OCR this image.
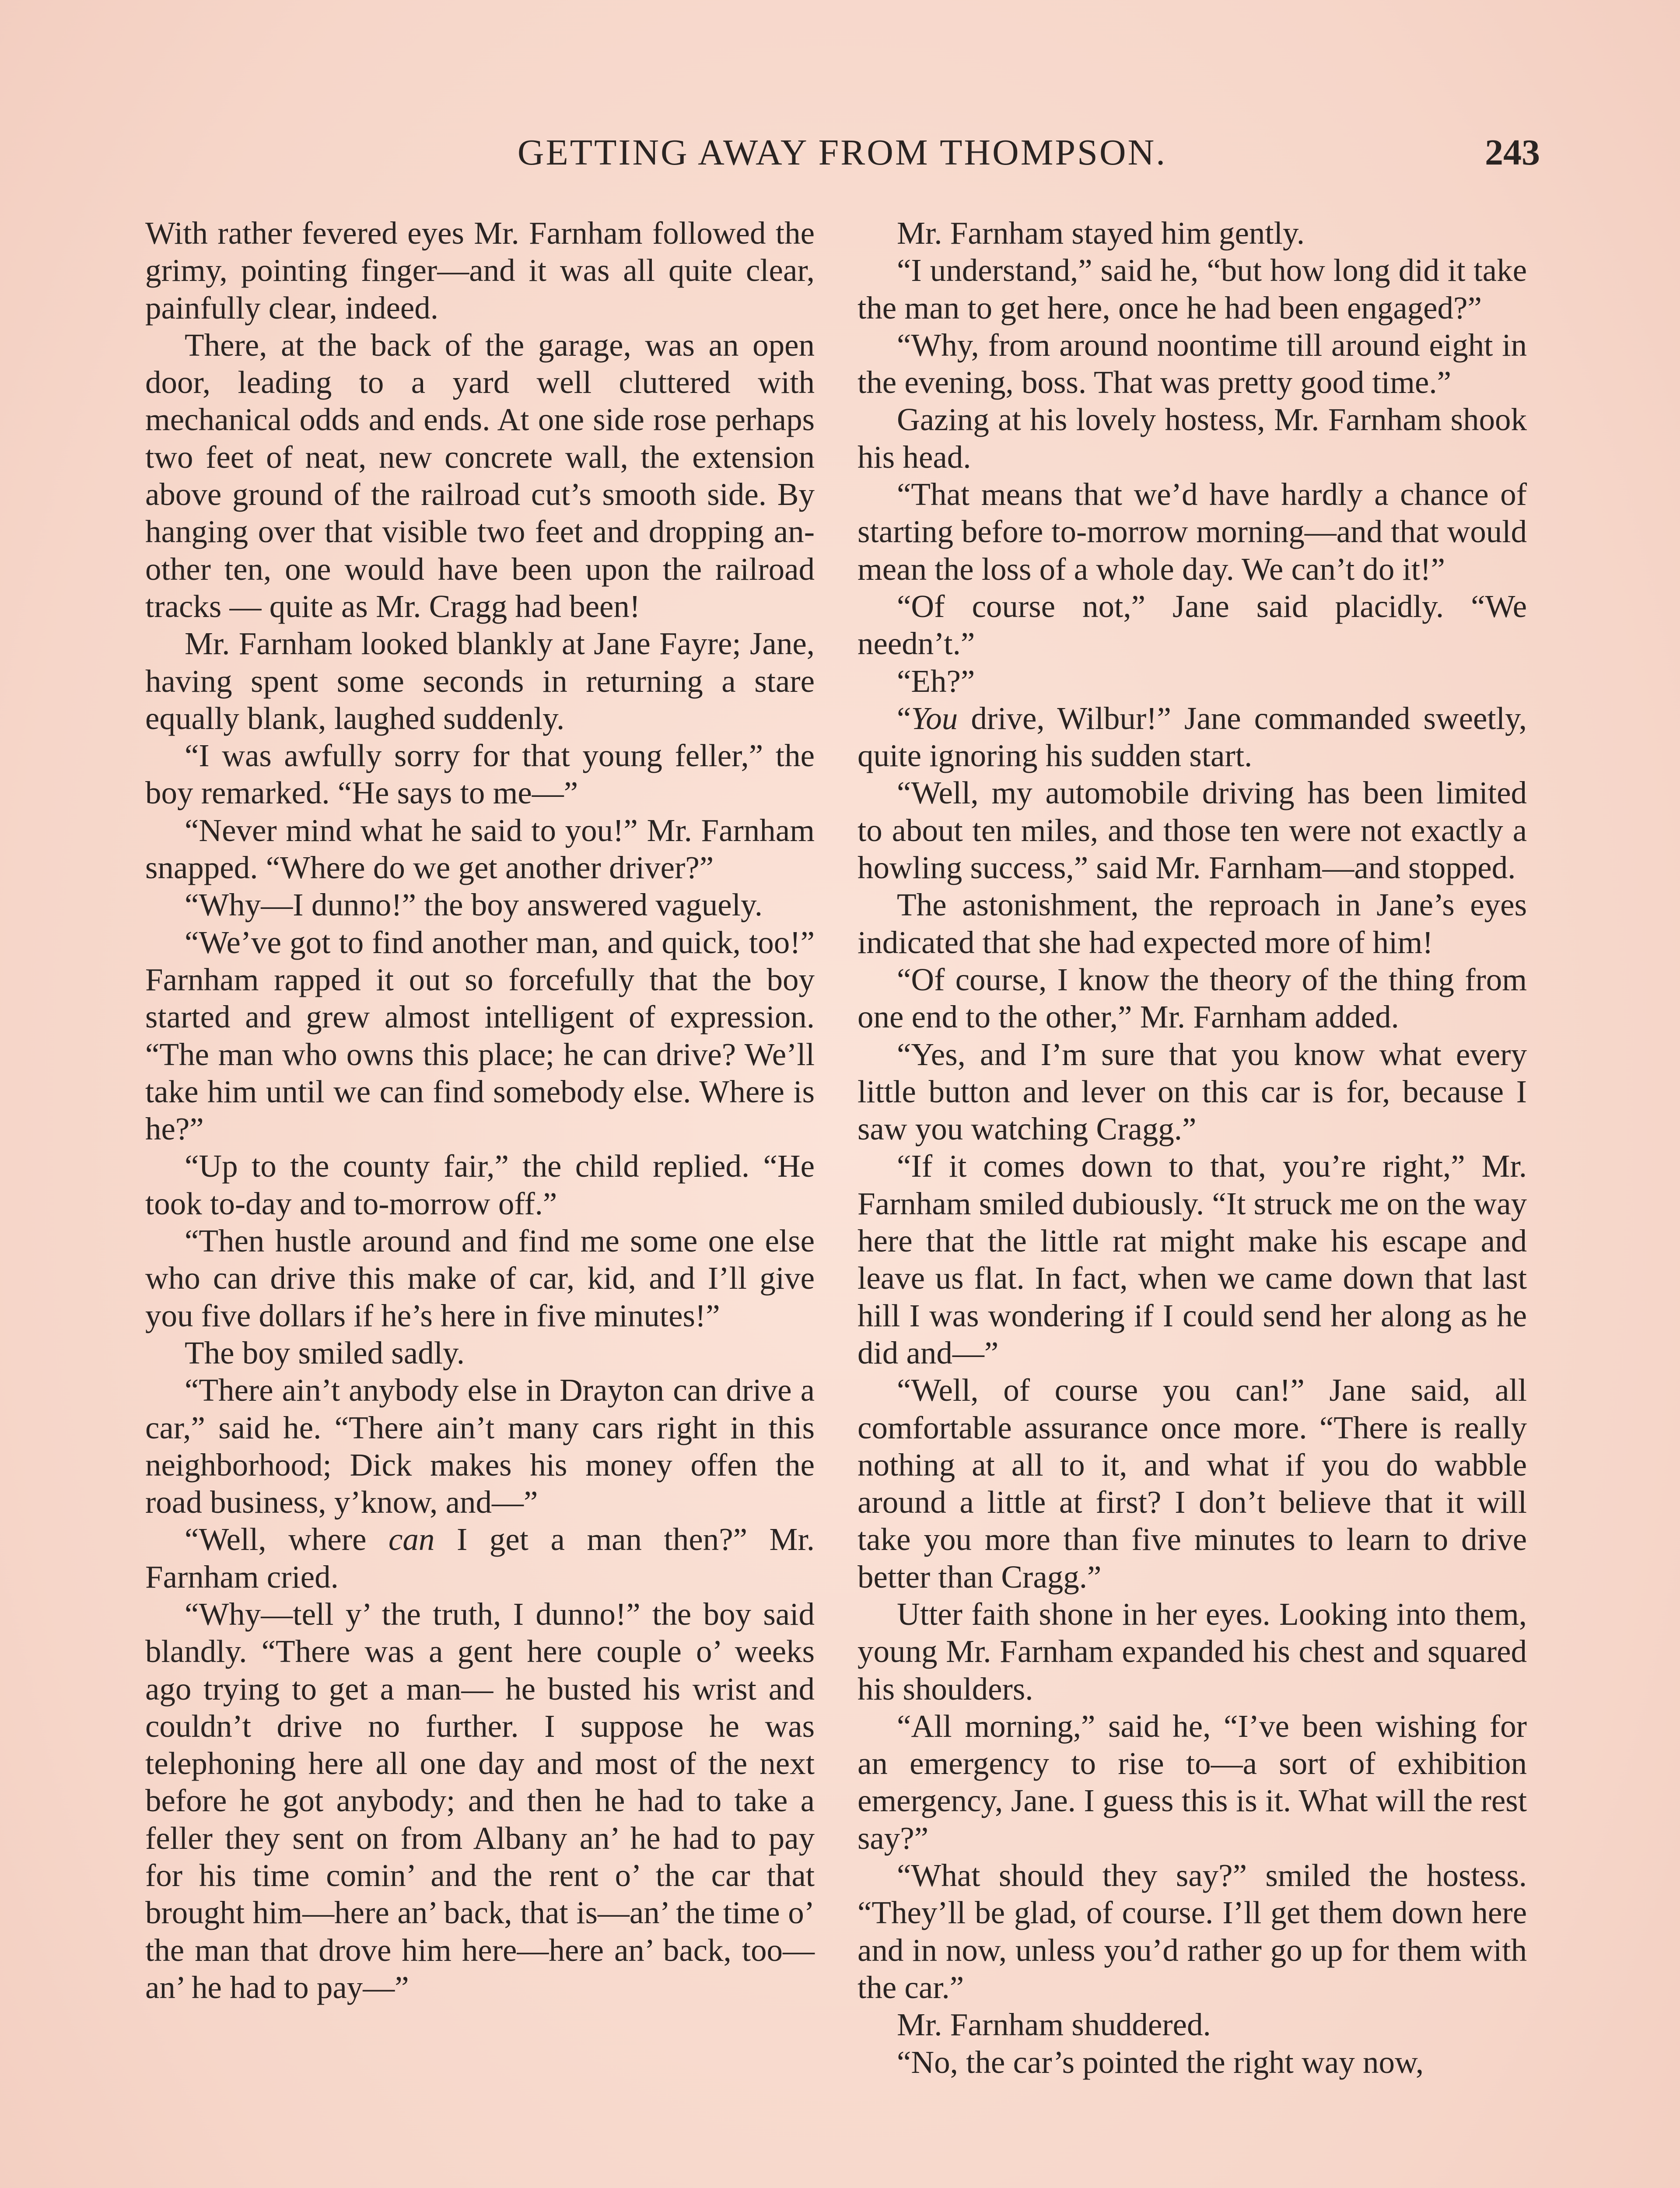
GETTING AWAY FROM THOMPSON.	243

With rather fevered eyes Mr. Farnham followed the grimy, pointing finger—and it was all quite clear, painfully clear, indeed.

There, at the back of the garage, was an open door, leading to a yard well cluttered with mechanical odds and ends. At one side rose perhaps two feet of neat, new concrete wall, the extension above ground of the railroad cut’s smooth side. By hanging over that visible two feet and dropping another ten, one would have been upon the railroad tracks — quite as Mr. Cragg had been!

Mr. Farnham looked blankly at Jane Fayre; Jane, having spent some seconds in returning a stare equally blank, laughed suddenly.

“I was awfully sorry for that young feller,” the boy remarked. “He says to me—”

“Never mind what he said to you!” Mr. Farnham snapped. “Where do we get another driver?”

“Why—I dunno!” the boy answered vaguely.

“We’ve got to find another man, and quick, too!” Farnham rapped it out so forcefully that the boy started and grew almost intelligent of expression. “The man who owns this place; he can drive? We’ll take him until we can find somebody else. Where is he?”

“Up to the county fair,” the child replied. “He took to-day and to-morrow off.”

“Then hustle around and find me some one else who can drive this make of car, kid, and I’ll give you five dollars if he’s here in five minutes!”

The boy smiled sadly.

“There ain’t anybody else in Drayton can drive a car,” said he. “There ain’t many cars right in this neighborhood; Dick makes his money offen the road business, y’know, and—”

“Well, where can I get a man then?” Mr. Farnham cried.

“Why—tell y’ the truth, I dunno!” the boy said blandly. “There was a gent here couple o’ weeks ago trying to get a man— he busted his wrist and couldn’t drive no further. I suppose he was telephoning here all one day and most of the next before he got anybody; and then he had to take a feller they sent on from Albany an’ he had to pay for his time comin’ and the rent o’ the car that brought him—here an’ back, that is—an’ the time o’ the man that drove him here—here an’ back, too—an’ he had to pay—”

Mr. Farnham stayed him gently.

“I understand,” said he, “but how long did it take the man to get here, once he had been engaged?”

“Why, from around noontime till around eight in the evening, boss. That was pretty good time.”

Gazing at his lovely hostess, Mr. Farnham shook his head.

“That means that we’d have hardly a chance of starting before to-morrow morning—and that would mean the loss of a whole day. We can’t do it!”

“Of course not,” Jane said placidly. “We needn’t.”

“Eh?”

“You drive, Wilbur!” Jane commanded sweetly, quite ignoring his sudden start.

“Well, my automobile driving has been limited to about ten miles, and those ten were not exactly a howling success,” said Mr. Farnham—and stopped.

The astonishment, the reproach in Jane’s eyes indicated that she had expected more of him!

“Of course, I know the theory of the thing from one end to the other,” Mr. Farnham added.

“Yes, and I’m sure that you know what every little button and lever on this car is for, because I saw you watching Cragg.”

“If it comes down to that, you’re right,” Mr. Farnham smiled dubiously. “It struck me on the way here that the little rat might make his escape and leave us flat. In fact, when we came down that last hill I was wondering if I could send her along as he did and—”

“Well, of course you can!” Jane said, all comfortable assurance once more. “There is really nothing at all to it, and what if you do wabble around a little at first? I don’t believe that it will take you more than five minutes to learn to drive better than Cragg.”

Utter faith shone in her eyes. Looking into them, young Mr. Farnham expanded his chest and squared his shoulders.

“All morning,” said he, “I’ve been wishing for an emergency to rise to—a sort of exhibition emergency, Jane. I guess this is it. What will the rest say?”

“What should they say?” smiled the hostess. “They’ll be glad, of course. I’ll get them down here and in now, unless you’d rather go up for them with the car.”

Mr. Farnham shuddered.

“No, the car’s pointed the right way now,
